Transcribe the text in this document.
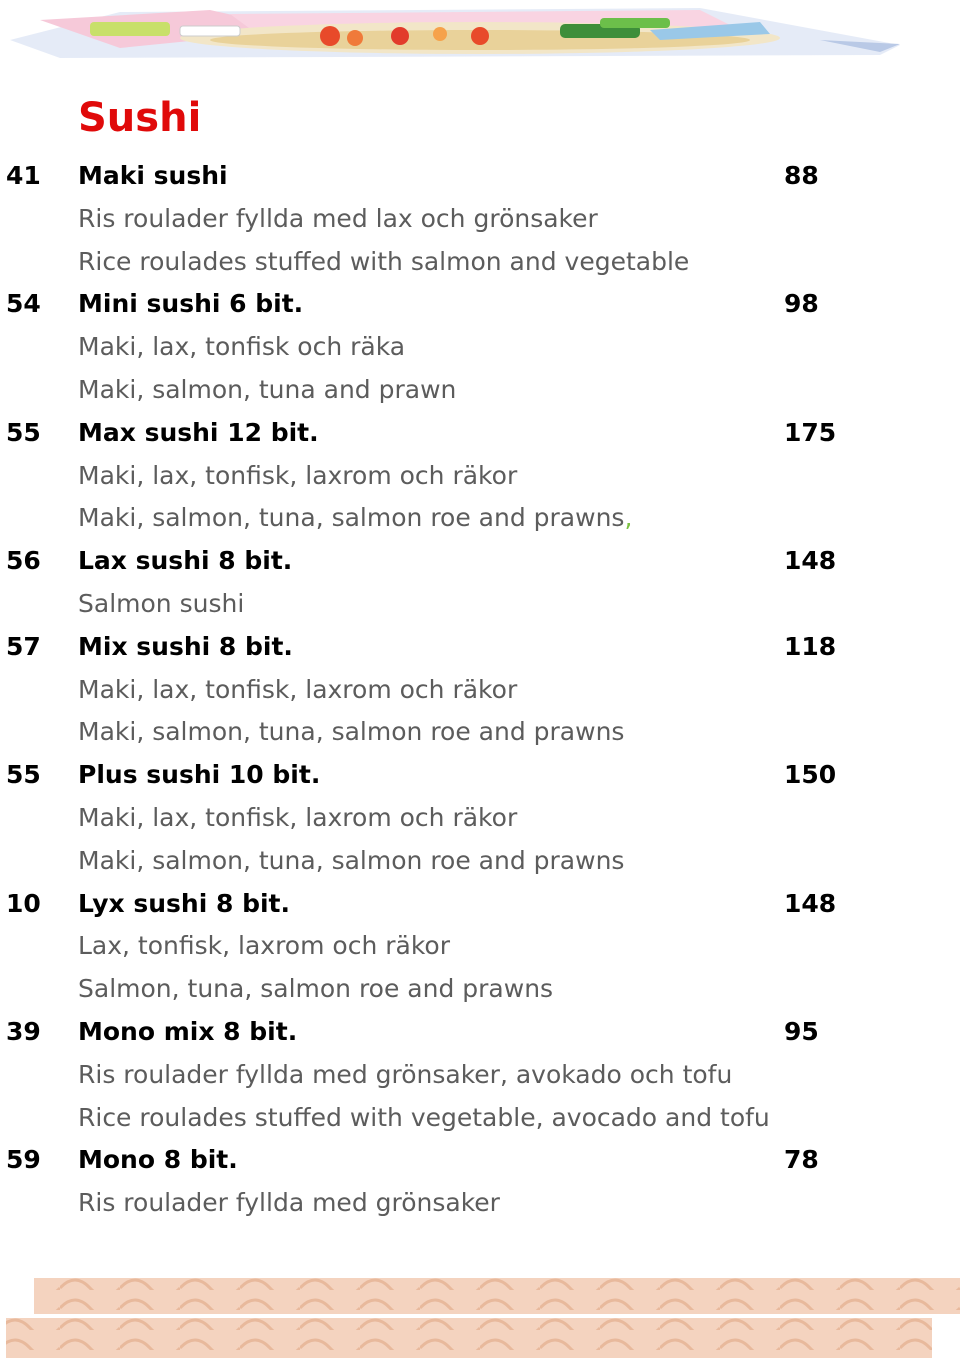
Sushi
41 Maki sushi	88
Ris roulader fyllda med lax och grönsaker
Rice roulades stuffed with salmon and vegetable
54 Mini sushi 6 bit.	98
Maki, lax, tonfisk och räka
Maki, salmon, tuna and prawn
55 Max sushi 12 bit.	175
Maki, lax, tonfisk, laxrom och räkor
Maki, salmon, tuna, salmon roe and prawns,
56 Lax sushi 8 bit.	148
Salmon sushi
57 Mix sushi 8 bit.	118
Maki, lax, tonfisk, laxrom och räkor
Maki, salmon, tuna, salmon roe and prawns
55 Plus sushi 10 bit.	150
Maki, lax, tonfisk, laxrom och räkor
Maki, salmon, tuna, salmon roe and prawns
10 Lyx sushi 8 bit.	148
Lax, tonfisk, laxrom och räkor
Salmon, tuna, salmon roe and prawns
39 Mono mix 8 bit.	95
Ris roulader fyllda med grönsaker, avokado och tofu
Rice roulades stuffed with vegetable, avocado and tofu
59 Mono 8 bit.	78
Ris roulader fyllda med grönsaker
